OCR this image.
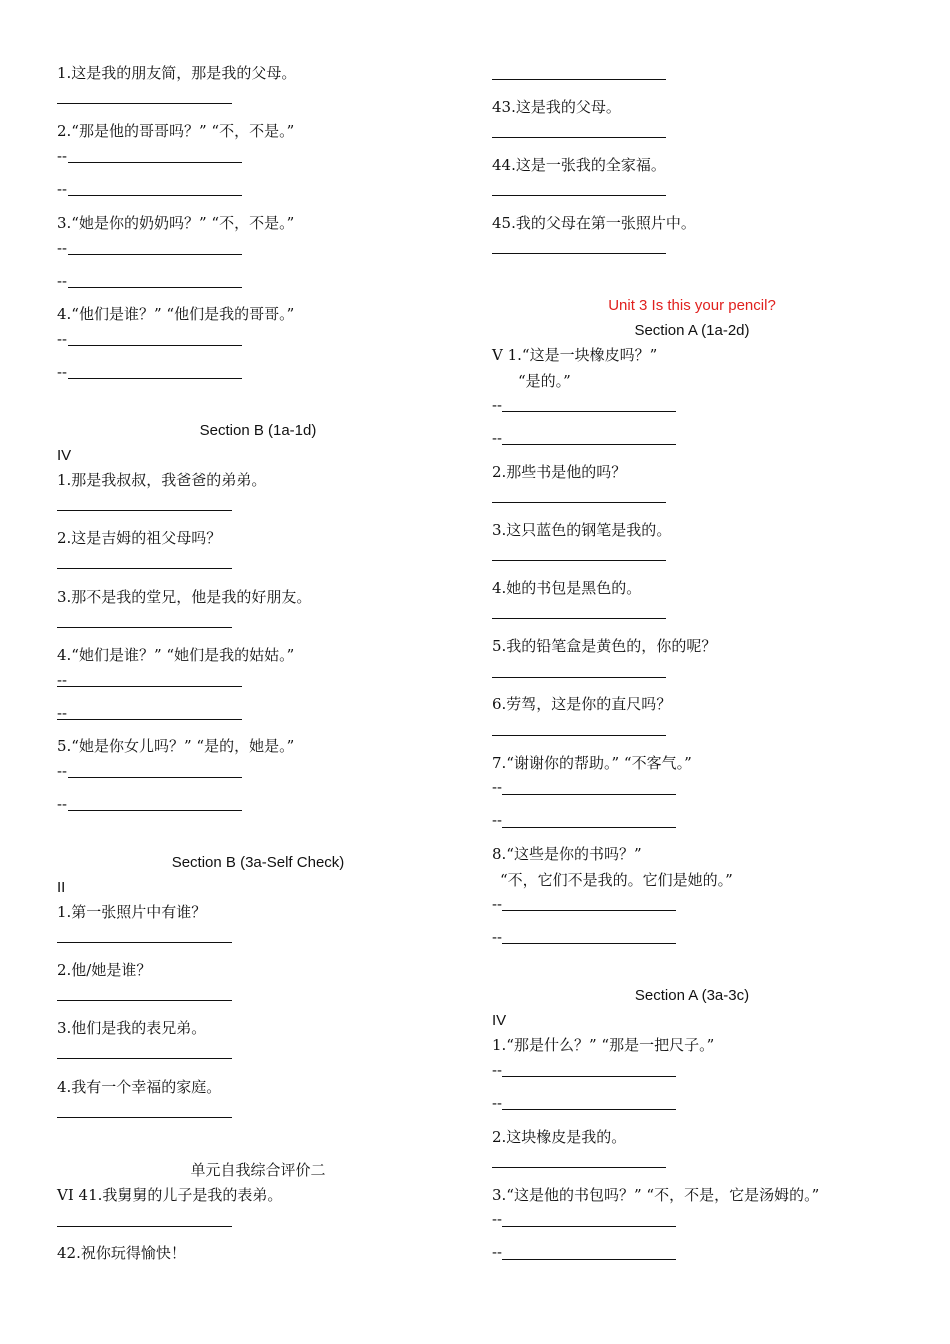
1.这是我的朋友简，那是我的父母。
2.“那是他的哥哥吗？” “不，不是。”
--
--
3.“她是你的奶奶吗？” “不，不是。”
--
--
4.“他们是谁？” “他们是我的哥哥。”
--
--
Section B (1a-1d)
IV
1.那是我叔叔，我爸爸的弟弟。
2.这是吉姆的祖父母吗？
3.那不是我的堂兄，他是我的好朋友。
4.“她们是谁？” “她们是我的姑姑。”
--
--
5.“她是你女儿吗？” “是的，她是。”
--
--
Section B (3a-Self Check)
II
1.第一张照片中有谁？
2.他/她是谁？
3.他们是我的表兄弟。
4.我有一个幸福的家庭。
单元自我综合评价二
VI 41.我舅舅的儿子是我的表弟。
42.祝你玩得愉快！
43.这是我的父母。
44.这是一张我的全家福。
45.我的父母在第一张照片中。
Unit 3 Is this your pencil?
Section A (1a-2d)
V 1.“这是一块橡皮吗？”
“是的。”
--
--
2.那些书是他的吗？
3.这只蓝色的钢笔是我的。
4.她的书包是黑色的。
5.我的铅笔盒是黄色的，你的呢？
6.劳驾，这是你的直尺吗？
7.“谢谢你的帮助。” “不客气。”
--
--
8.“这些是你的书吗？”
“不，它们不是我的。它们是她的。”
--
--
Section A (3a-3c)
IV
1.“那是什么？” “那是一把尺子。”
--
--
2.这块橡皮是我的。
3.“这是他的书包吗？” “不，不是，它是汤姆的。”
--
--
